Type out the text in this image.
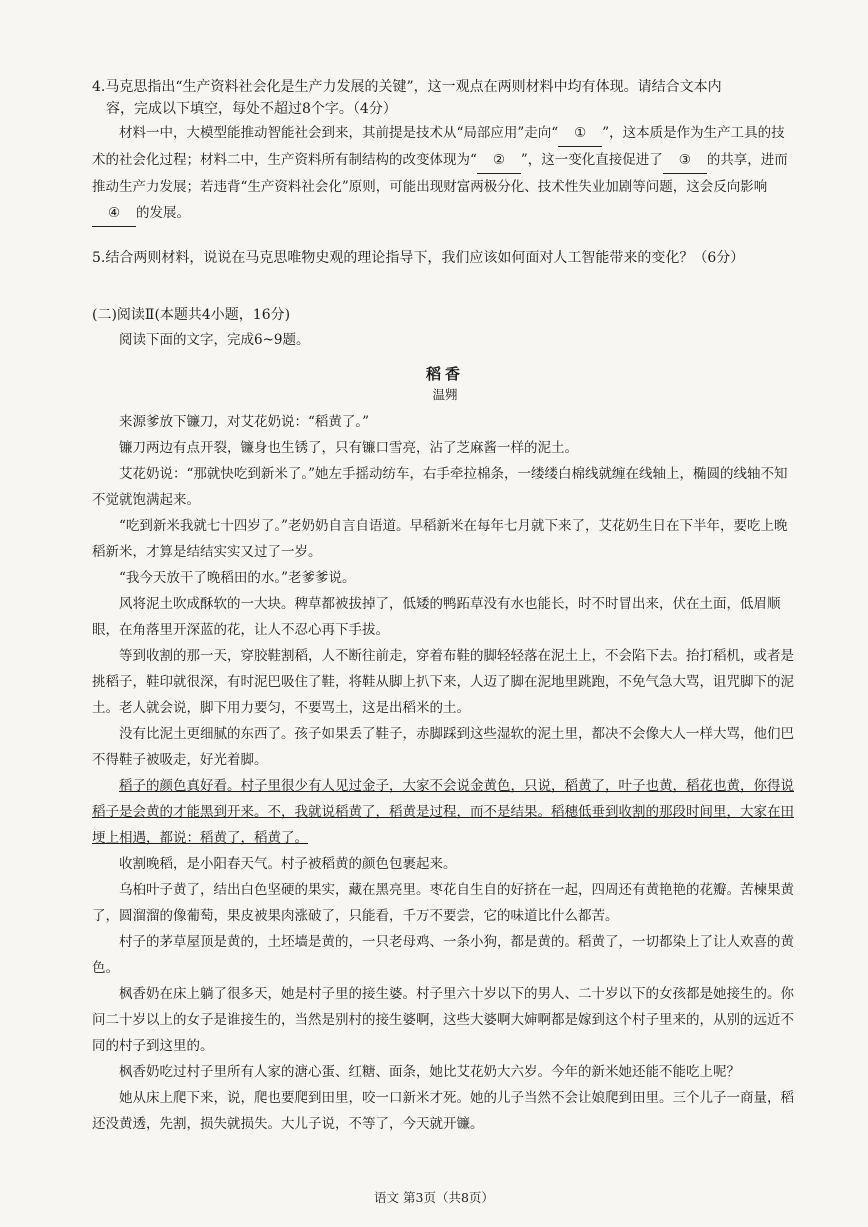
4.马克思指出“生产资料社会化是生产力发展的关键”，这一观点在两则材料中均有体现。请结合文本内

容，完成以下填空，每处不超过8个字。（4分）

材料一中，大模型能推动智能社会到来，其前提是技术从“局部应用”走向“ ① ”，这本质是作为生产工具的技术的社会化过程；材料二中，生产资料所有制结构的改变体现为“ ② ”，这一变化直接促进了 ③ 的共享，进而推动生产力发展；若违背“生产资料社会化”原则，可能出现财富两极分化、技术性失业加剧等问题，这会反向影响④ 的发展。

5.结合两则材料，说说在马克思唯物史观的理论指导下，我们应该如何面对人工智能带来的变化？（6分）

(二)阅读Ⅱ(本题共4小题，16分)

阅读下面的文字，完成6~9题。

稻香

温翙

来源爹放下镰刀，对艾花奶说：“稻黄了。”

镰刀两边有点开裂，镰身也生锈了，只有镰口雪亮，沾了芝麻酱一样的泥土。

艾花奶说：“那就快吃到新米了。”她左手摇动纺车，右手牵拉棉条，一缕缕白棉线就缠在线轴上，椭圆的线轴不知不觉就饱满起来。

“吃到新米我就七十四岁了。”老奶奶自言自语道。早稻新米在每年七月就下来了，艾花奶生日在下半年，要吃上晚稻新米，才算是结结实实又过了一岁。

“我今天放干了晚稻田的水。”老爹爹说。

风将泥土吹成酥软的一大块。稗草都被拔掉了，低矮的鸭跖草没有水也能长，时不时冒出来，伏在土面，低眉顺眼，在角落里开深蓝的花，让人不忍心再下手拔。

等到收割的那一天，穿胶鞋割稻，人不断往前走，穿着布鞋的脚轻轻落在泥土上，不会陷下去。抬打稻机，或者是挑稻子，鞋印就很深，有时泥巴吸住了鞋，将鞋从脚上扒下来，人迈了脚在泥地里跳跑，不免气急大骂，诅咒脚下的泥土。老人就会说，脚下用力要匀，不要骂土，这是出稻米的土。

没有比泥土更细腻的东西了。孩子如果丢了鞋子，赤脚踩到这些湿软的泥土里，都决不会像大人一样大骂，他们巴不得鞋子被吸走，好光着脚。

稻子的颜色真好看。村子里很少有人见过金子，大家不会说金黄色，只说，稻黄了，叶子也黄，稻花也黄，你得说稻子是会黄的才能黑到开来。不，我就说稻黄了，稻黄是过程，而不是结果。稻穗低垂到收割的那段时间里，大家在田埂上相遇，都说：稻黄了，稻黄了。

收割晚稻，是小阳春天气。村子被稻黄的颜色包裹起来。

乌桕叶子黄了，结出白色坚硬的果实，藏在黑亮里。枣花自生自的好挤在一起，四周还有黄艳艳的花瓣。苦楝果黄了，圆溜溜的像葡萄，果皮被果肉涨破了，只能看，千万不要尝，它的味道比什么都苦。

村子的茅草屋顶是黄的，土坯墙是黄的，一只老母鸡、一条小狗，都是黄的。稻黄了，一切都染上了让人欢喜的黄色。

枫香奶在床上躺了很多天，她是村子里的接生婆。村子里六十岁以下的男人、二十岁以下的女孩都是她接生的。你问二十岁以上的女子是谁接生的，当然是别村的接生婆啊，这些大婆啊大婶啊都是嫁到这个村子里来的，从别的远近不同的村子到这里的。

枫香奶吃过村子里所有人家的溏心蛋、红糖、面条，她比艾花奶大六岁。今年的新米她还能不能吃上呢？

她从床上爬下来，说，爬也要爬到田里，咬一口新米才死。她的儿子当然不会让娘爬到田里。三个儿子一商量，稻还没黄透，先割，损失就损失。大儿子说，不等了，今天就开镰。

语文 第3页（共8页）
